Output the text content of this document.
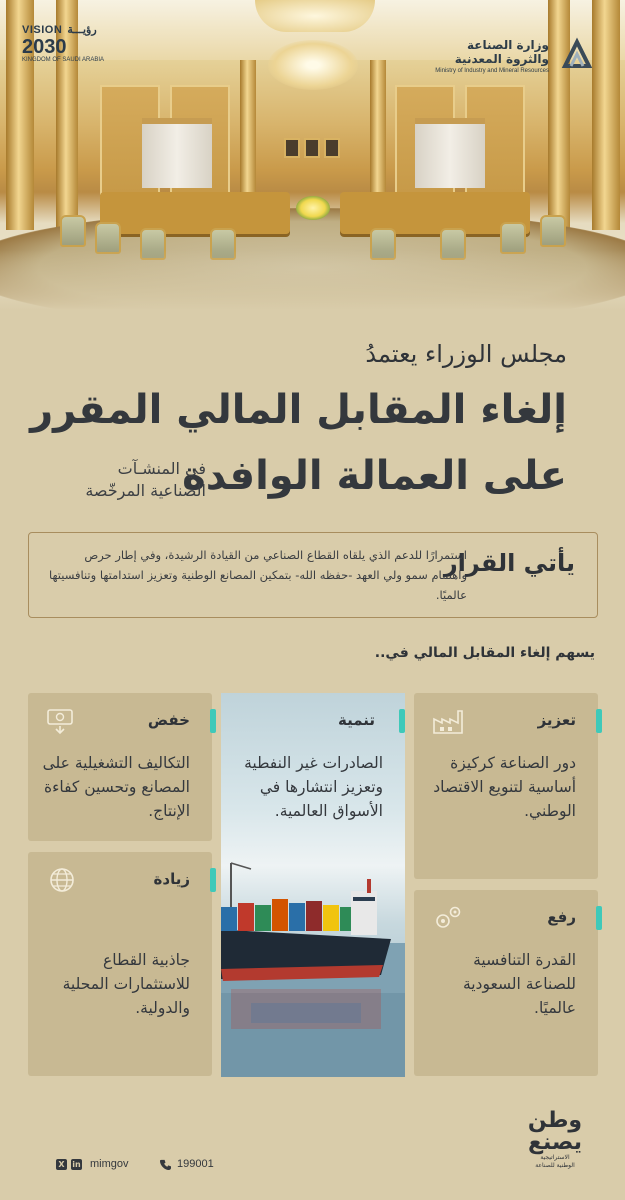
VISION رؤيـــة
2030
KINGDOM OF SAUDI ARABIA
وزارة الصناعة
والثروة المعدنية
Ministry of Industry and Mineral Resources
مجلس الوزراء يعتمدُ
إلغاء المقابل المالي المقرر
على العمالة الوافدة
في المنشـآت
الصناعية المرخّصة
يأتي القرار
استمرارًا للدعم الذي يلقاه القطاع الصناعي من القيادة الرشيدة، وفي إطار حرص واهتمام سمو ولي العهد -حفظه الله- بتمكين المصانع الوطنية وتعزيز استدامتها وتنافسيتها عالميًا.
يسهم إلغاء المقابل المالي في..
تعزيز
دور الصناعة كركيزة أساسية لتنويع الاقتصاد الوطني.
رفع
القدرة التنافسية للصناعة السعودية عالميًا.
تنمية
الصادرات غير النفطية وتعزيز انتشارها في الأسواق العالمية.
خفض
التكاليف التشغيلية على المصانع وتحسين كفاءة الإنتاج.
زيادة
جاذبية القطاع للاستثمارات المحلية والدولية.
وطن
يصنع
الاستراتيجية
الوطنية للصناعة
X in mimgov	199001
